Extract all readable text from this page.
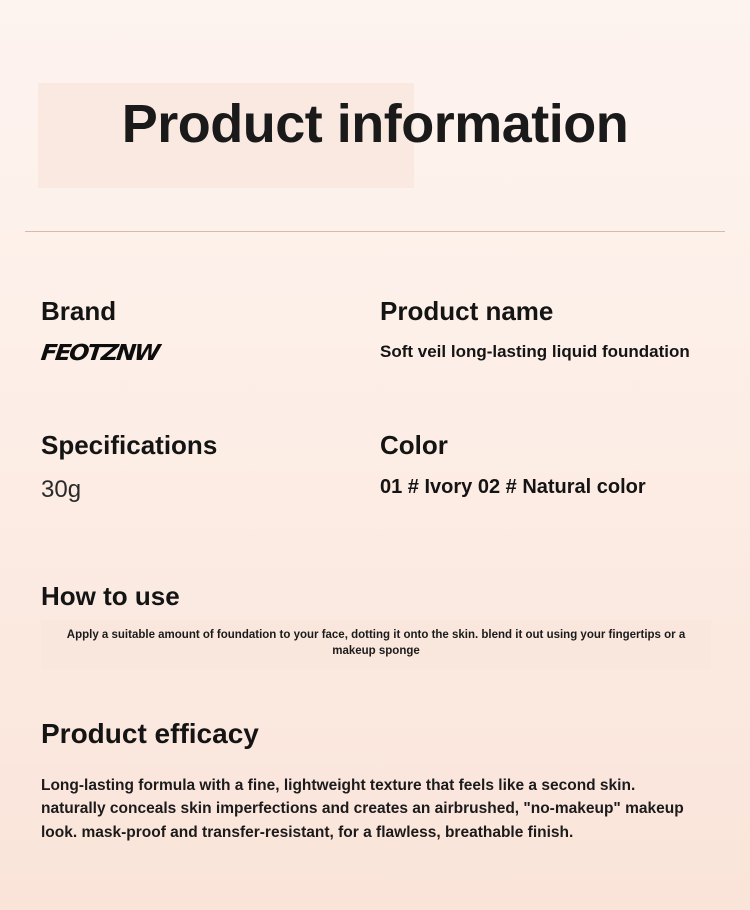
Product information
Brand
FEOTZNW
Product name
Soft veil long-lasting liquid foundation
Specifications
30g
Color
01 # Ivory 02 # Natural color
How to use
Apply a suitable amount of foundation to your face, dotting it onto the skin. blend it out using your fingertips or a makeup sponge
Product efficacy
Long-lasting formula with a fine, lightweight texture that feels like a second skin. naturally conceals skin imperfections and creates an airbrushed, "no-makeup" makeup look. mask-proof and transfer-resistant, for a flawless, breathable finish.
